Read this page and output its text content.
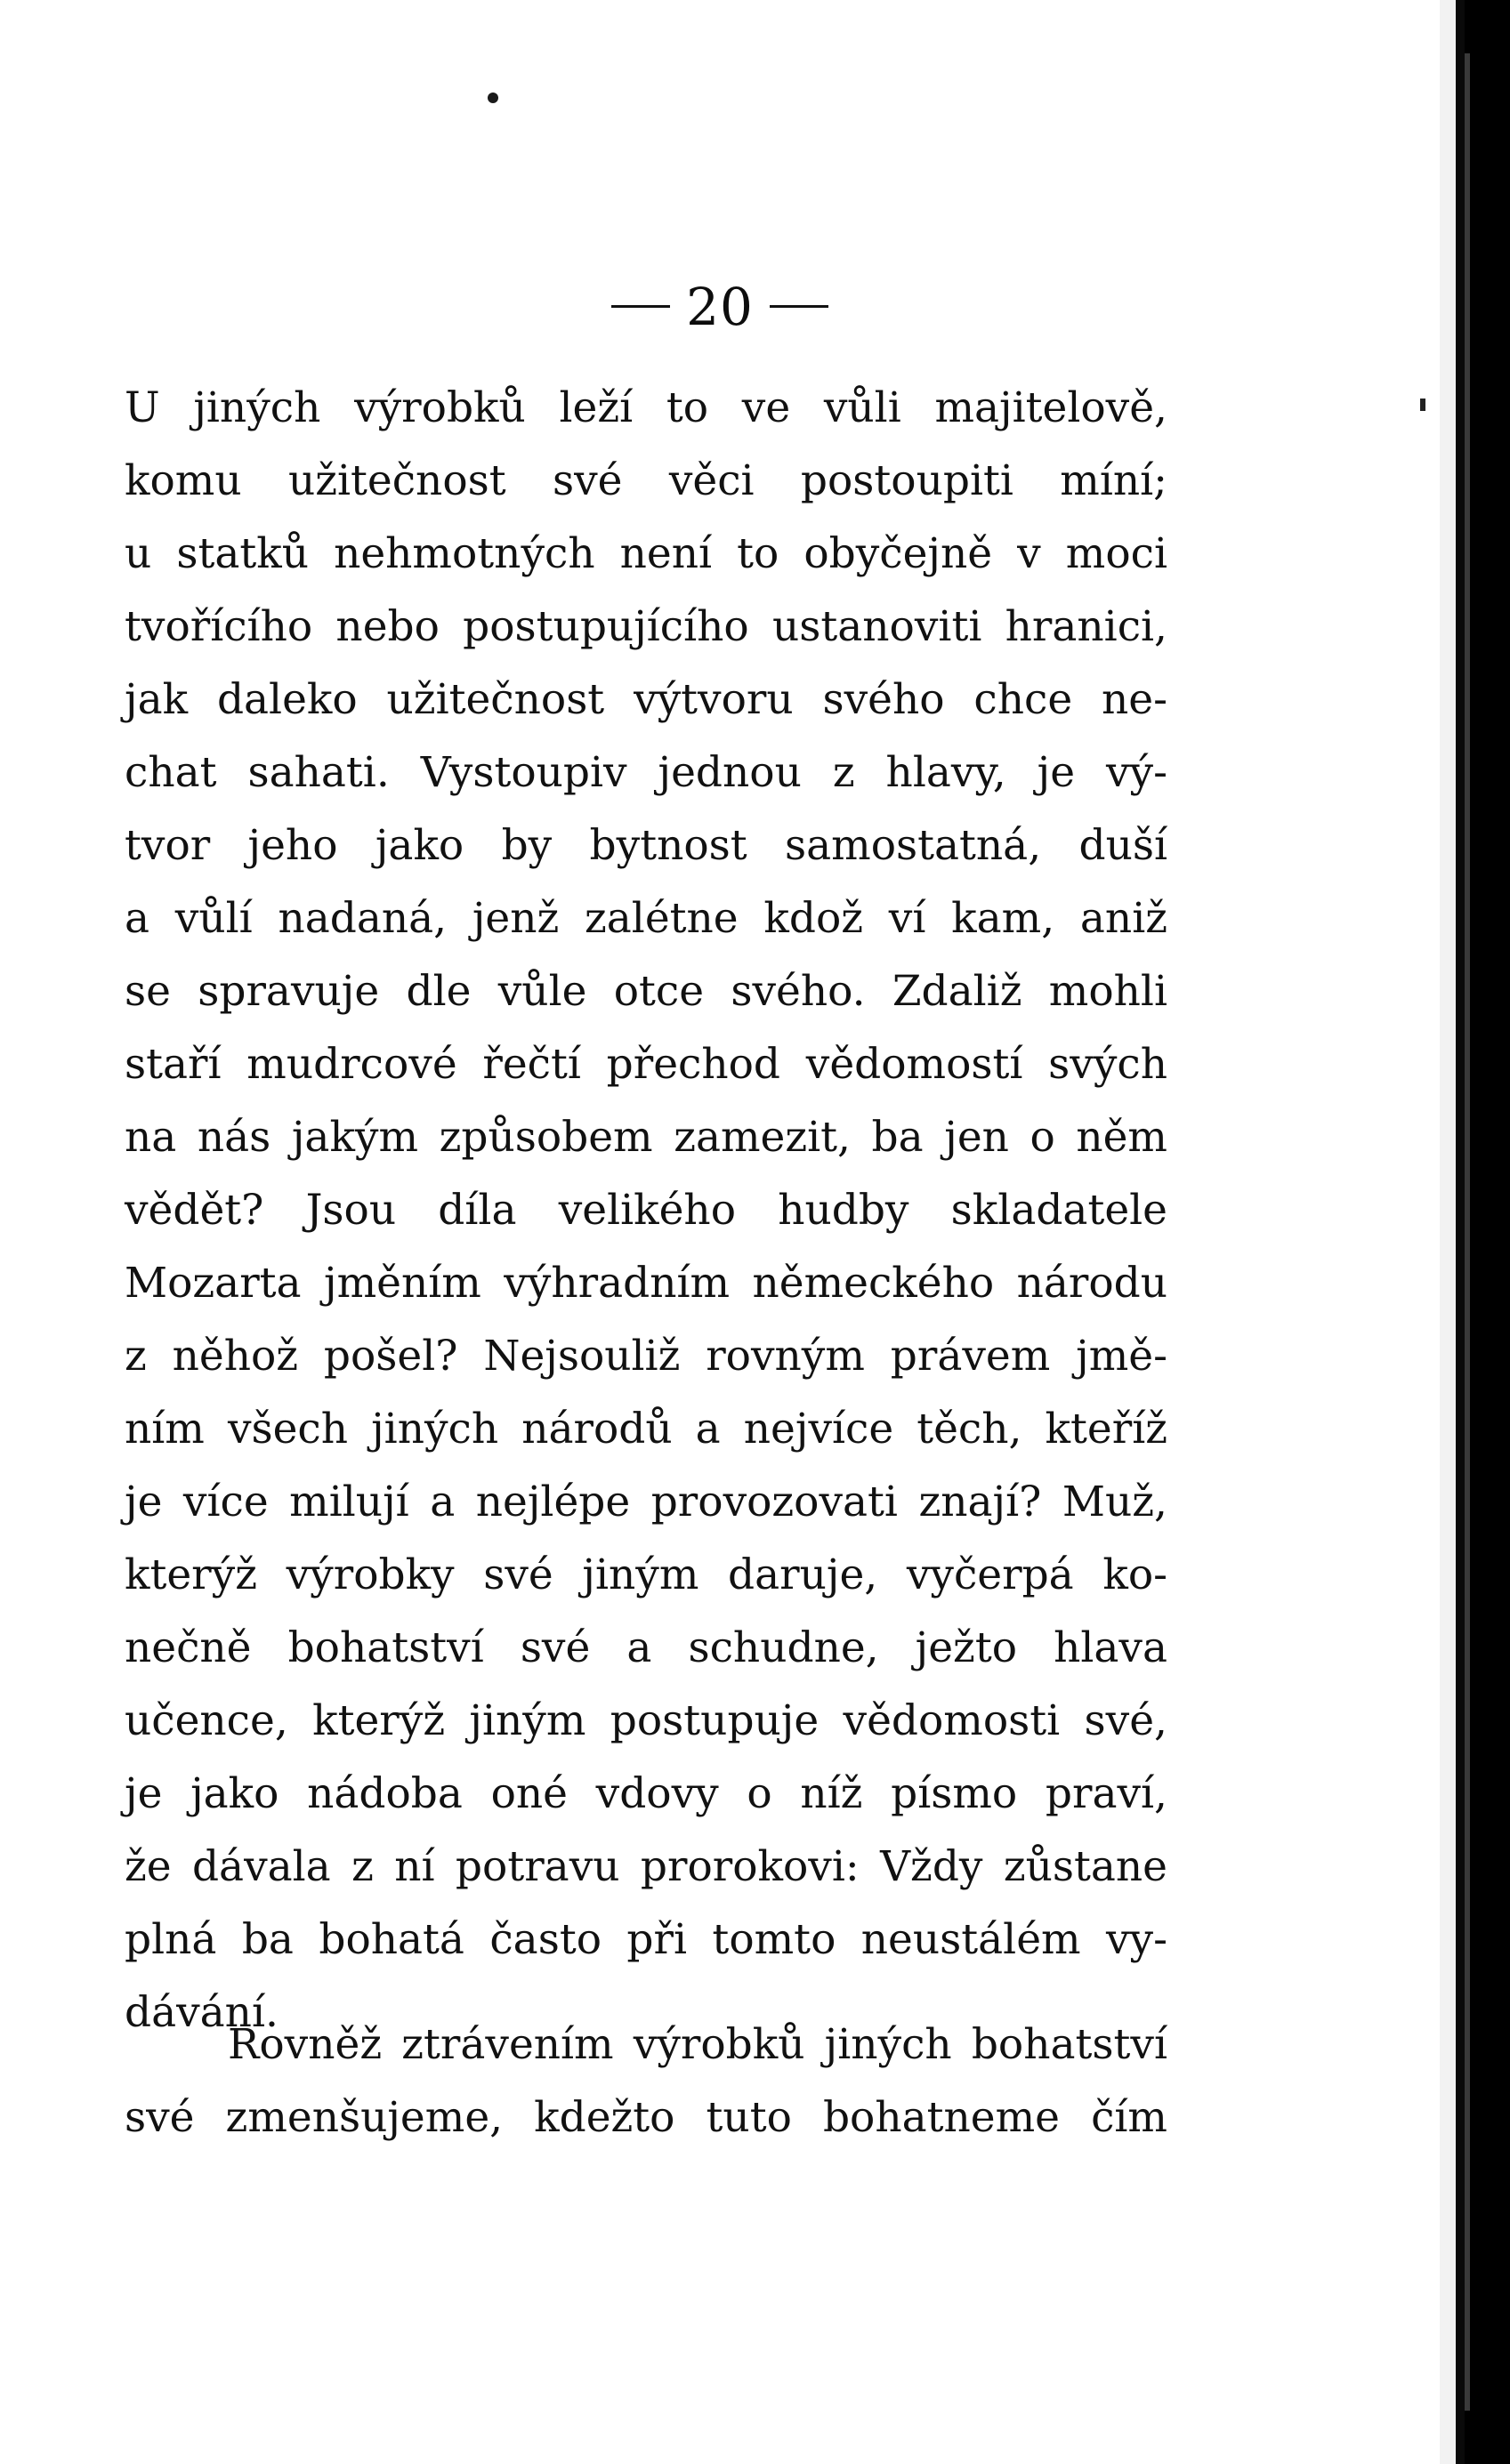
20
U jiných výrobků leží to ve vůli majitelově,
komu užitečnost své věci postoupiti míní;
u statků nehmotných není to obyčejně v moci
tvořícího nebo postupujícího ustanoviti hranici,
jak daleko užitečnost výtvoru svého chce ne-
chat sahati. Vystoupiv jednou z hlavy, je vý-
tvor jeho jako by bytnost samostatná, duší
a vůlí nadaná, jenž zalétne kdož ví kam, aniž
se spravuje dle vůle otce svého. Zdaliž mohli
staří mudrcové řečtí přechod vědomostí svých
na nás jakým způsobem zamezit, ba jen o něm
vědět? Jsou díla velikého hudby skladatele
Mozarta jměním výhradním německého národu
z něhož pošel? Nejsouliž rovným právem jmě-
ním všech jiných národů a nejvíce těch, kteříž
je více milují a nejlépe provozovati znají? Muž,
kterýž výrobky své jiným daruje, vyčerpá ko-
nečně bohatství své a schudne, ježto hlava
učence, kterýž jiným postupuje vědomosti své,
je jako nádoba oné vdovy o níž písmo praví,
že dávala z ní potravu prorokovi: Vždy zůstane
plná ba bohatá často při tomto neustálém vy-
dávání.
Rovněž ztrávením výrobků jiných bohatství
své zmenšujeme, kdežto tuto bohatneme čím
